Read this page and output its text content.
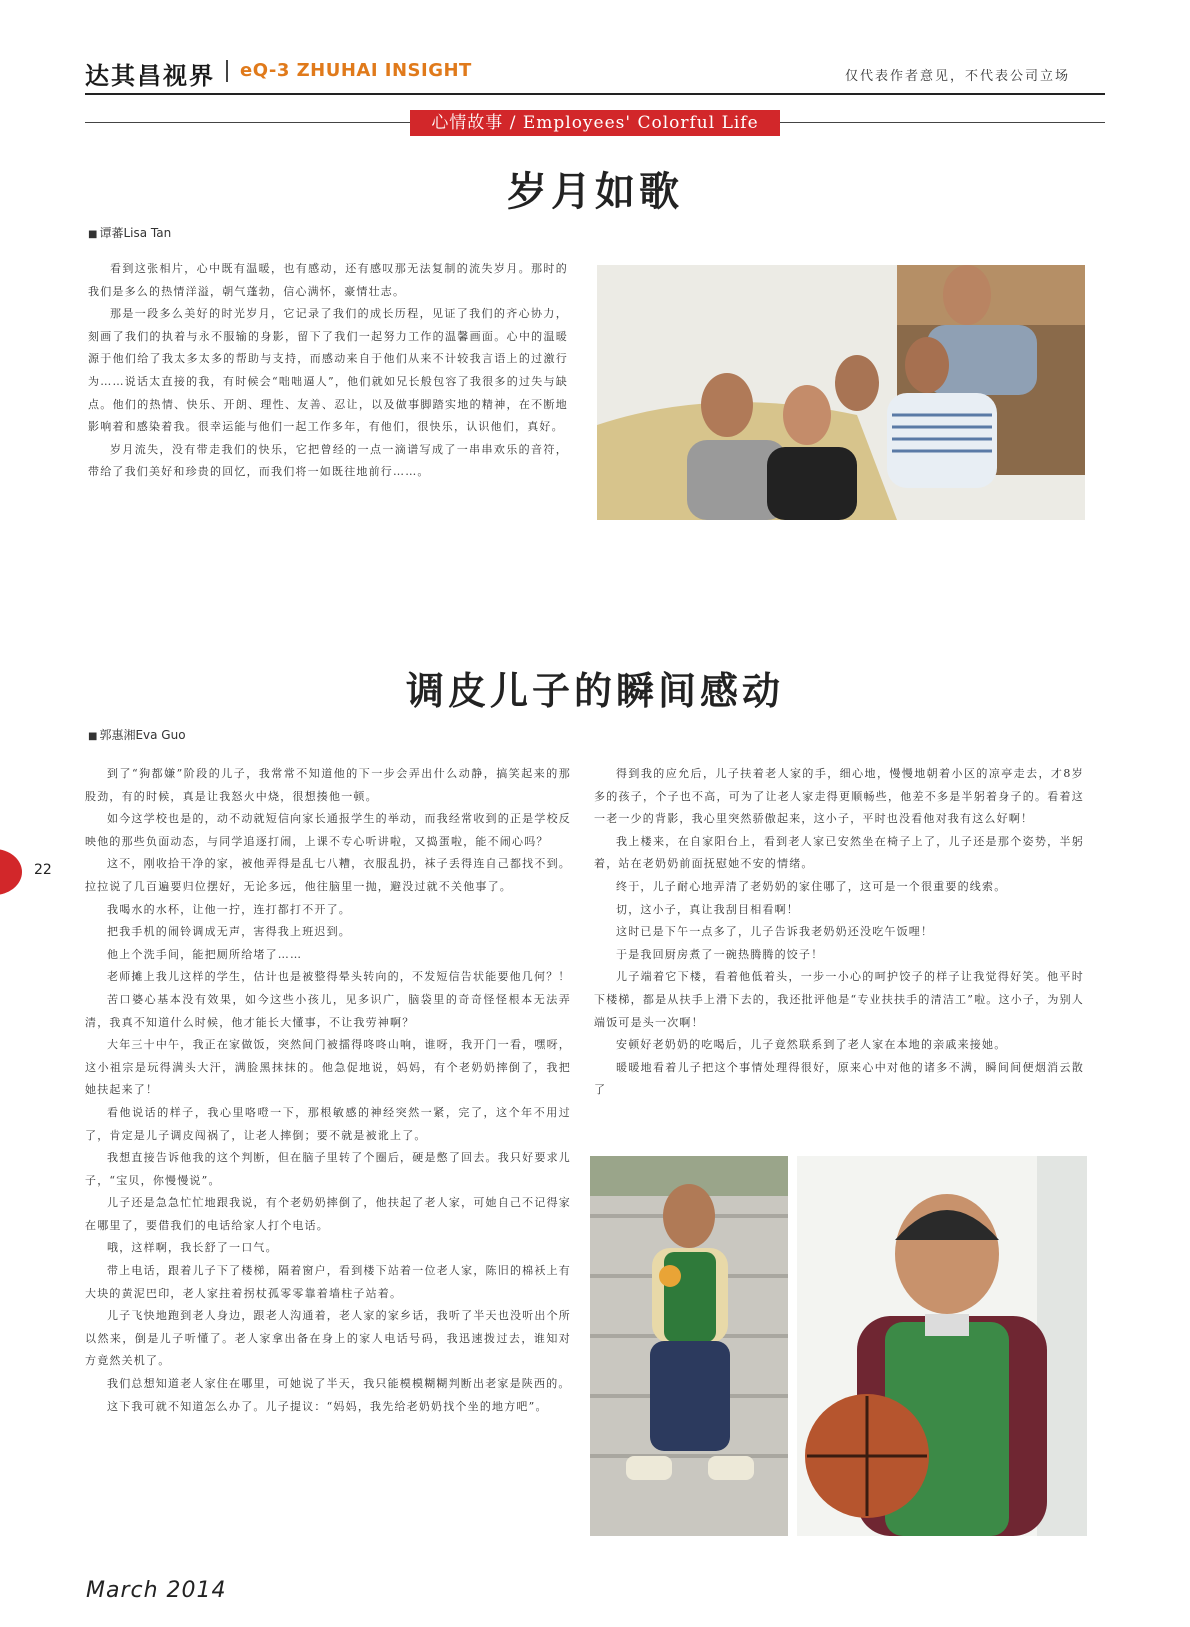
达其昌视界 eQ-3 ZHUHAI INSIGHT	仅代表作者意见，不代表公司立场
心情故事 / Employees' Colorful Life
岁月如歌
■ 谭蕃Lisa Tan

看到这张相片，心中既有温暖，也有感动，还有感叹那无法复制的流失岁月。那时的我们是多么的热情洋溢，朝气蓬勃，信心满怀，豪情壮志。

那是一段多么美好的时光岁月，它记录了我们的成长历程，见证了我们的齐心协力，刻画了我们的执着与永不服输的身影，留下了我们一起努力工作的温馨画面。心中的温暖源于他们给了我太多太多的帮助与支持，而感动来自于他们从来不计较我言语上的过激行为……说话太直接的我，有时候会“咄咄逼人”，他们就如兄长般包容了我很多的过失与缺点。他们的热情、快乐、开朗、理性、友善、忍让，以及做事脚踏实地的精神，在不断地影响着和感染着我。很幸运能与他们一起工作多年，有他们，很快乐，认识他们，真好。

岁月流失，没有带走我们的快乐，它把曾经的一点一滴谱写成了一串串欢乐的音符，带给了我们美好和珍贵的回忆，而我们将一如既往地前行……。

调皮儿子的瞬间感动
■ 郭惠湘Eva Guo

到了“狗都嫌”阶段的儿子，我常常不知道他的下一步会弄出什么动静，搞笑起来的那股劲，有的时候，真是让我怒火中烧，很想揍他一顿。

如今这学校也是的，动不动就短信向家长通报学生的举动，而我经常收到的正是学校反映他的那些负面动态，与同学追逐打闹，上课不专心听讲啦，又捣蛋啦，能不闹心吗？

这不，刚收拾干净的家，被他弄得是乱七八糟，衣服乱扔，袜子丢得连自己都找不到。拉拉说了几百遍要归位摆好，无论多远，他往脑里一抛，避没过就不关他事了。

我喝水的水杯，让他一拧，连打都打不开了。

把我手机的闹铃调成无声，害得我上班迟到。

他上个洗手间，能把厕所给堵了……

老师摊上我儿这样的学生，估计也是被整得晕头转向的，不发短信告状能要他几何？！

苦口婆心基本没有效果，如今这些小孩儿，见多识广，脑袋里的奇奇怪怪根本无法弄清，我真不知道什么时候，他才能长大懂事，不让我劳神啊？

大年三十中午，我正在家做饭，突然间门被擂得咚咚山响，谁呀，我开门一看，嘿呀，这小祖宗是玩得满头大汗，满脸黑抹抹的。他急促地说，妈妈，有个老奶奶摔倒了，我把她扶起来了！

看他说话的样子，我心里咯噔一下，那根敏感的神经突然一紧，完了，这个年不用过了，肯定是儿子调皮闯祸了，让老人摔倒；要不就是被讹上了。

我想直接告诉他我的这个判断，但在脑子里转了个圈后，硬是憋了回去。我只好要求儿子，“宝贝，你慢慢说”。

儿子还是急急忙忙地跟我说，有个老奶奶摔倒了，他扶起了老人家，可她自己不记得家在哪里了，要借我们的电话给家人打个电话。

哦，这样啊，我长舒了一口气。

带上电话，跟着儿子下了楼梯，隔着窗户，看到楼下站着一位老人家，陈旧的棉袄上有大块的黄泥巴印，老人家拄着拐杖孤零零靠着墙柱子站着。

儿子飞快地跑到老人身边，跟老人沟通着，老人家的家乡话，我听了半天也没听出个所以然来，倒是儿子听懂了。老人家拿出备在身上的家人电话号码，我迅速拨过去，谁知对方竟然关机了。

我们总想知道老人家住在哪里，可她说了半天，我只能模模糊糊判断出老家是陕西的。

这下我可就不知道怎么办了。儿子提议：“妈妈，我先给老奶奶找个坐的地方吧”。

得到我的应允后，儿子扶着老人家的手，细心地，慢慢地朝着小区的凉亭走去，才8岁多的孩子，个子也不高，可为了让老人家走得更顺畅些，他差不多是半躬着身子的。看着这一老一少的背影，我心里突然骄傲起来，这小子，平时也没看他对我有这么好啊！

我上楼来，在自家阳台上，看到老人家已安然坐在椅子上了，儿子还是那个姿势，半躬着，站在老奶奶前面抚慰她不安的情绪。

终于，儿子耐心地弄清了老奶奶的家住哪了，这可是一个很重要的线索。

切，这小子，真让我刮目相看啊！

这时已是下午一点多了，儿子告诉我老奶奶还没吃午饭哩！

于是我回厨房煮了一碗热腾腾的饺子！

儿子端着它下楼，看着他低着头，一步一小心的呵护饺子的样子让我觉得好笑。他平时下楼梯，都是从扶手上滑下去的，我还批评他是“专业扶扶手的清洁工”啦。这小子，为别人端饭可是头一次啊！

安顿好老奶奶的吃喝后，儿子竟然联系到了老人家在本地的亲戚来接她。

暖暖地看着儿子把这个事情处理得很好，原来心中对他的诸多不满，瞬间间便烟消云散了

22
March 2014
